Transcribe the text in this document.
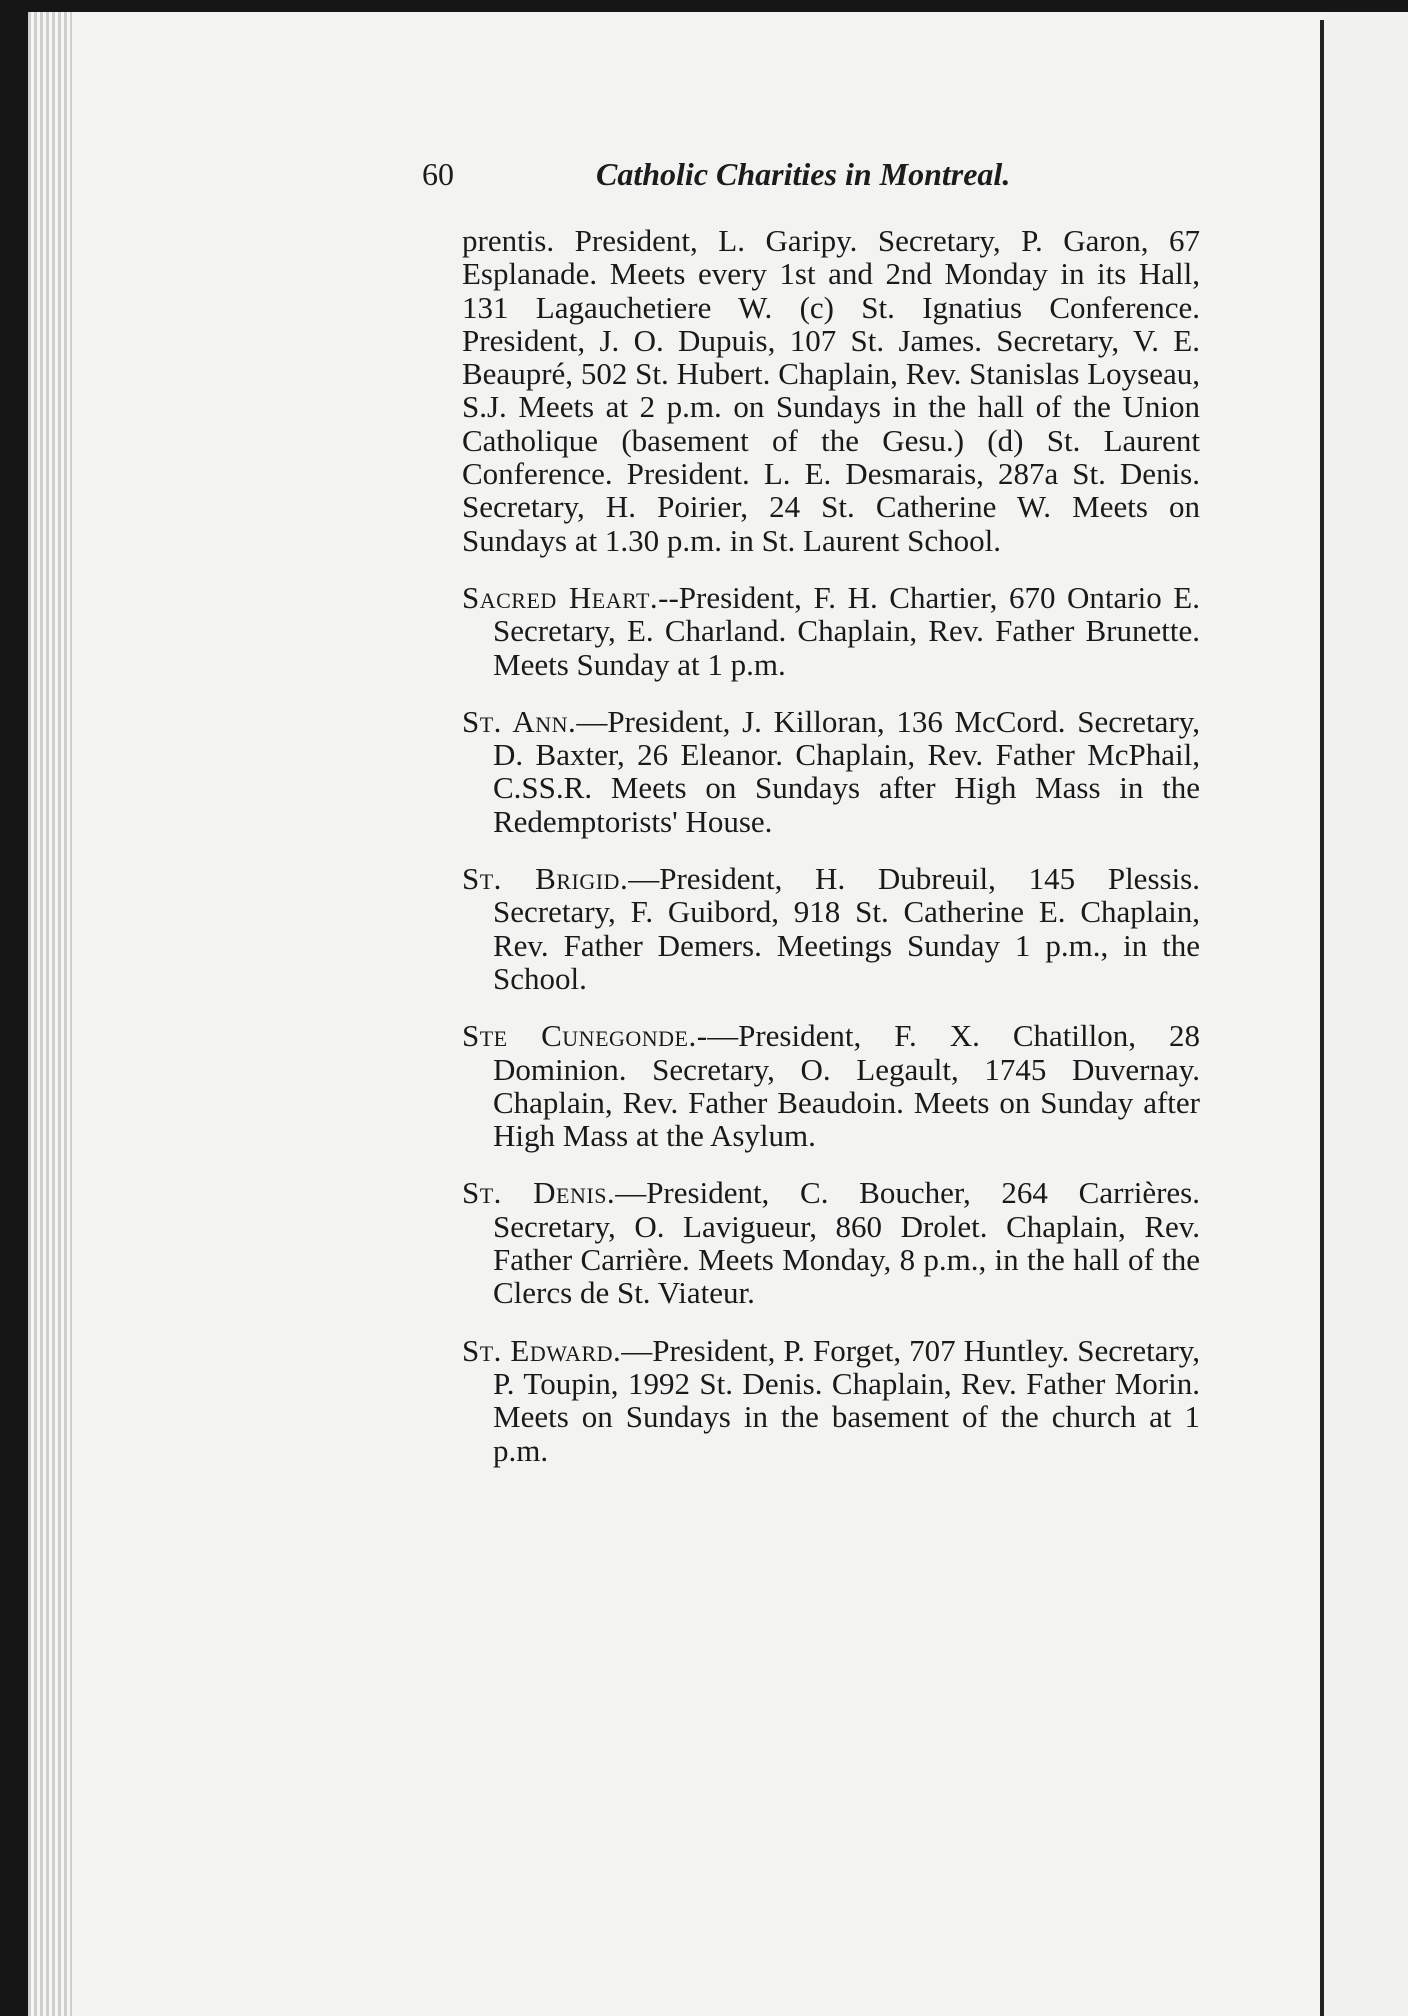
60	Catholic Charities in Montreal.

prentis. President, L. Garipy. Secretary, P. Garon, 67 Esplanade. Meets every 1st and 2nd Monday in its Hall, 131 Lagauchetiere W. (c) St. Ignatius Conference. President, J. O. Dupuis, 107 St. James. Secretary, V. E. Beaupré, 502 St. Hubert. Chaplain, Rev. Stanislas Loyseau, S.J. Meets at 2 p.m. on Sundays in the hall of the Union Catholique (basement of the Gesu.) (d) St. Laurent Conference. President. L. E. Desmarais, 287a St. Denis. Secretary, H. Poirier, 24 St. Catherine W. Meets on Sundays at 1.30 p.m. in St. Laurent School.

Sacred Heart.--President, F. H. Chartier, 670 Ontario E. Secretary, E. Charland. Chaplain, Rev. Father Brunette. Meets Sunday at 1 p.m.

St. Ann.—President, J. Killoran, 136 McCord. Secretary, D. Baxter, 26 Eleanor. Chaplain, Rev. Father McPhail, C.SS.R. Meets on Sundays after High Mass in the Redemptorists' House.

St. Brigid.—President, H. Dubreuil, 145 Plessis. Secretary, F. Guibord, 918 St. Catherine E. Chaplain, Rev. Father Demers. Meetings Sunday 1 p.m., in the School.

Ste Cunegonde.-—President, F. X. Chatillon, 28 Dominion. Secretary, O. Legault, 1745 Duvernay. Chaplain, Rev. Father Beaudoin. Meets on Sunday after High Mass at the Asylum.

St. Denis.—President, C. Boucher, 264 Carrières. Secretary, O. Lavigueur, 860 Drolet. Chaplain, Rev. Father Carrière. Meets Monday, 8 p.m., in the hall of the Clercs de St. Viateur.

St. Edward.—President, P. Forget, 707 Huntley. Secretary, P. Toupin, 1992 St. Denis. Chaplain, Rev. Father Morin. Meets on Sundays in the basement of the church at 1 p.m.
